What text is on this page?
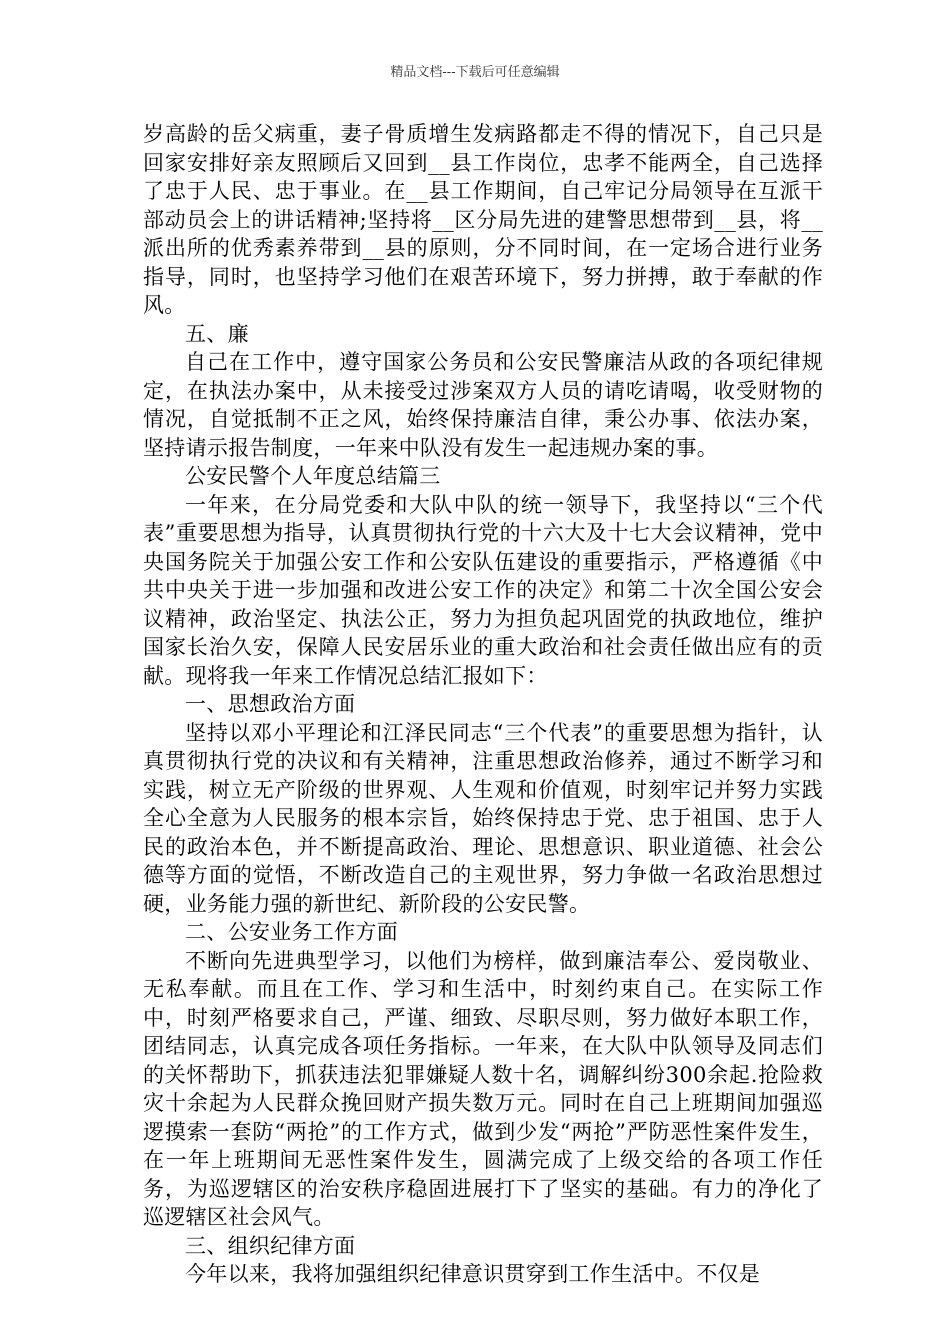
精品文档---下载后可任意编辑

岁高龄的岳父病重，妻子骨质增生发病路都走不得的情况下，自己只是回家安排好亲友照顾后又回到__县工作岗位，忠孝不能两全，自己选择了忠于人民、忠于事业。在__县工作期间，自己牢记分局领导在互派干部动员会上的讲话精神;坚持将__区分局先进的建警思想带到__县，将__派出所的优秀素养带到__县的原则，分不同时间，在一定场合进行业务指导，同时，也坚持学习他们在艰苦环境下，努力拼搏，敢于奉献的作风。

五、廉

自己在工作中，遵守国家公务员和公安民警廉洁从政的各项纪律规定，在执法办案中，从未接受过涉案双方人员的请吃请喝，收受财物的情况，自觉抵制不正之风，始终保持廉洁自律，秉公办事、依法办案，坚持请示报告制度，一年来中队没有发生一起违规办案的事。

公安民警个人年度总结篇三

一年来，在分局党委和大队中队的统一领导下，我坚持以“三个代表”重要思想为指导，认真贯彻执行党的十六大及十七大会议精神，党中央国务院关于加强公安工作和公安队伍建设的重要指示，严格遵循《中共中央关于进一步加强和改进公安工作的决定》和第二十次全国公安会议精神，政治坚定、执法公正，努力为担负起巩固党的执政地位，维护国家长治久安，保障人民安居乐业的重大政治和社会责任做出应有的贡献。现将我一年来工作情况总结汇报如下：

一、思想政治方面

坚持以邓小平理论和江泽民同志“三个代表”的重要思想为指针，认真贯彻执行党的决议和有关精神，注重思想政治修养，通过不断学习和实践，树立无产阶级的世界观、人生观和价值观，时刻牢记并努力实践全心全意为人民服务的根本宗旨，始终保持忠于党、忠于祖国、忠于人民的政治本色，并不断提高政治、理论、思想意识、职业道德、社会公德等方面的觉悟，不断改造自己的主观世界，努力争做一名政治思想过硬，业务能力强的新世纪、新阶段的公安民警。

二、公安业务工作方面

不断向先进典型学习，以他们为榜样，做到廉洁奉公、爱岗敬业、无私奉献。而且在工作、学习和生活中，时刻约束自己。在实际工作中，时刻严格要求自己，严谨、细致、尽职尽则，努力做好本职工作，团结同志，认真完成各项任务指标。一年来，在大队中队领导及同志们的关怀帮助下，抓获违法犯罪嫌疑人数十名，调解纠纷300余起.抢险救灾十余起为人民群众挽回财产损失数万元。同时在自己上班期间加强巡逻摸索一套防“两抢”的工作方式，做到少发“两抢”严防恶性案件发生，在一年上班期间无恶性案件发生，圆满完成了上级交给的各项工作任务，为巡逻辖区的治安秩序稳固进展打下了坚实的基础。有力的净化了巡逻辖区社会风气。

三、组织纪律方面

今年以来，我将加强组织纪律意识贯穿到工作生活中。不仅是
